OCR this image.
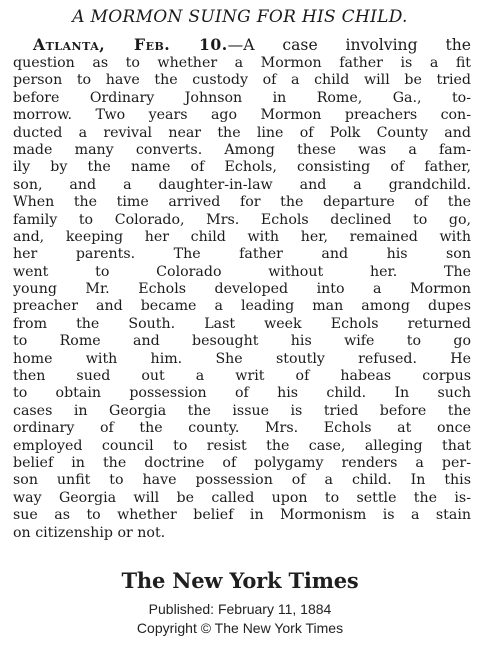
A MORMON SUING FOR HIS CHILD.
Atlanta, Feb. 10.—A case involving the
question as to whether a Mormon father is a fit
person to have the custody of a child will be tried
before Ordinary Johnson in Rome, Ga., to-
morrow. Two years ago Mormon preachers con-
ducted a revival near the line of Polk County and
made many converts. Among these was a fam-
ily by the name of Echols, consisting of father,
son, and a daughter-in-law and a grandchild.
When the time arrived for the departure of the
family to Colorado, Mrs. Echols declined to go,
and, keeping her child with her, remained with
her parents. The father and his son
went to Colorado without her. The
young Mr. Echols developed into a Mormon
preacher and became a leading man among dupes
from the South. Last week Echols returned
to Rome and besought his wife to go
home with him. She stoutly refused. He
then sued out a writ of habeas corpus
to obtain possession of his child. In such
cases in Georgia the issue is tried before the
ordinary of the county. Mrs. Echols at once
employed council to resist the case, alleging that
belief in the doctrine of polygamy renders a per-
son unfit to have possession of a child. In this
way Georgia will be called upon to settle the is-
sue as to whether belief in Mormonism is a stain
on citizenship or not.
The New York Times
Published: February 11, 1884
Copyright © The New York Times
